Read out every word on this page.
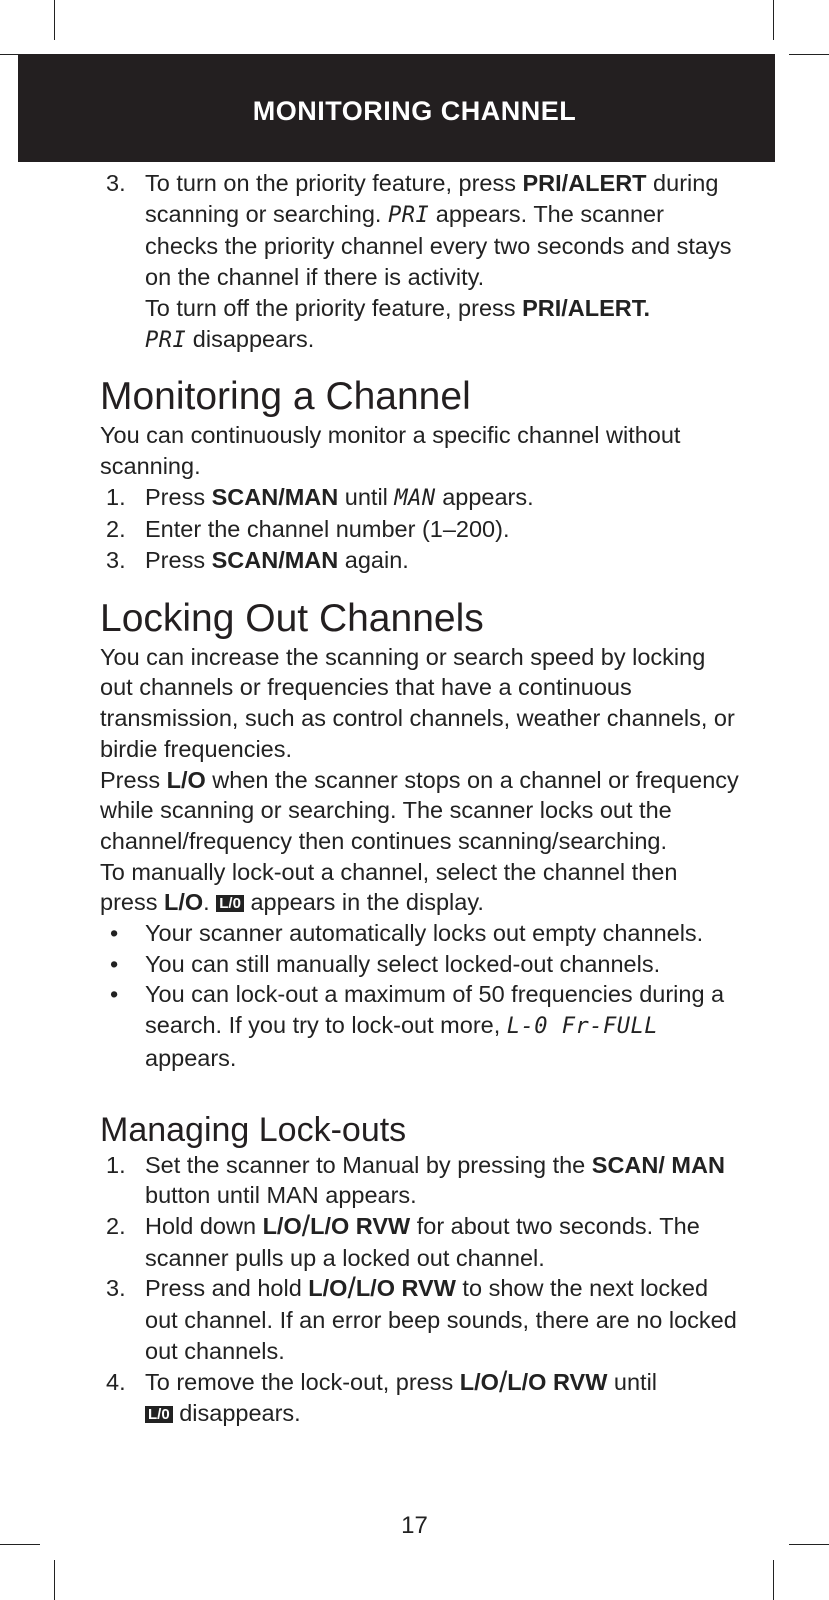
MONITORING CHANNEL
3. To turn on the priority feature, press PRI/ALERT during scanning or searching. PRI appears. The scanner checks the priority channel every two seconds and stays on the channel if there is activity.
To turn off the priority feature, press PRI/ALERT.
PRI disappears.
Monitoring a Channel
You can continuously monitor a specific channel without scanning.
1. Press SCAN/MAN until MAN appears.
2. Enter the channel number (1–200).
3. Press SCAN/MAN again.
Locking Out Channels
You can increase the scanning or search speed by locking out channels or frequencies that have a continuous transmission, such as control channels, weather channels, or birdie frequencies.
Press L/O when the scanner stops on a channel or frequency while scanning or searching. The scanner locks out the channel/frequency then continues scanning/searching.
To manually lock-out a channel, select the channel then press L/O. L/0 appears in the display.
• Your scanner automatically locks out empty channels.
• You can still manually select locked-out channels.
• You can lock-out a maximum of 50 frequencies during a search. If you try to lock-out more, L-0 Fr-FULL appears.
Managing Lock-outs
1. Set the scanner to Manual by pressing the SCAN/ MAN button until MAN appears.
2. Hold down L/O/L/O RVW for about two seconds. The scanner pulls up a locked out channel.
3. Press and hold L/O/L/O RVW to show the next locked out channel. If an error beep sounds, there are no locked out channels.
4. To remove the lock-out, press L/O/L/O RVW until
L/0 disappears.
17
